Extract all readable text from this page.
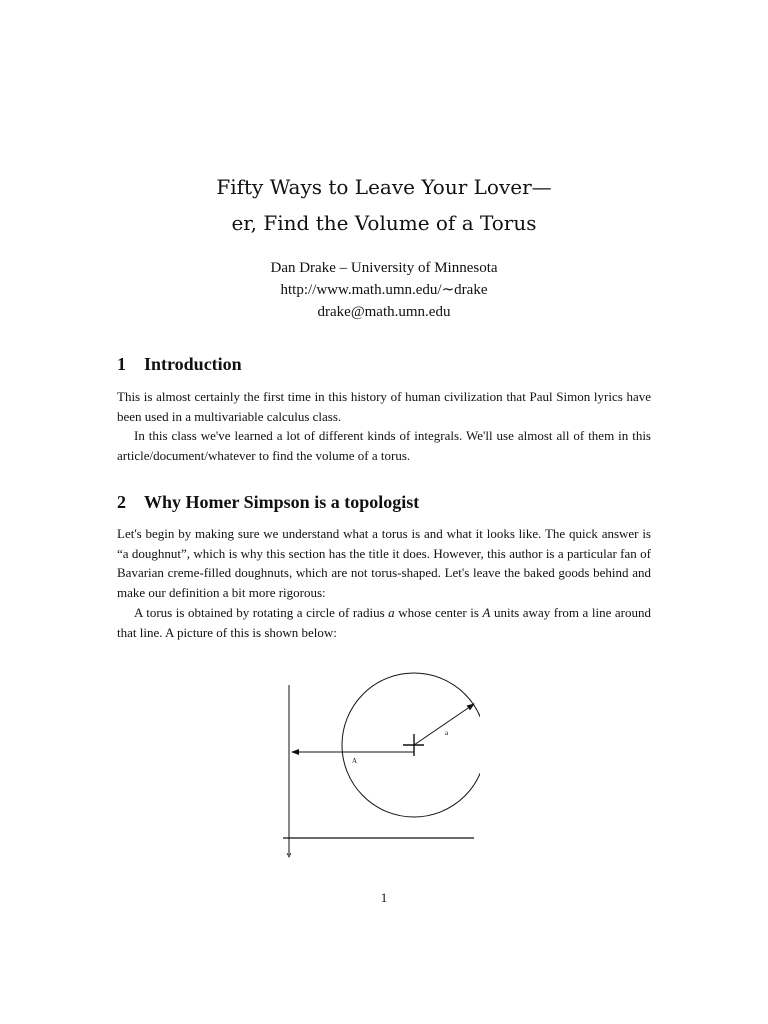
Fifty Ways to Leave Your Lover—
er, Find the Volume of a Torus
Dan Drake – University of Minnesota
http://www.math.umn.edu/∼drake
drake@math.umn.edu
1 Introduction
This is almost certainly the first time in this history of human civilization that Paul Simon lyrics have been used in a multivariable calculus class.
In this class we've learned a lot of different kinds of integrals. We'll use almost all of them in this article/document/whatever to find the volume of a torus.
2 Why Homer Simpson is a topologist
Let's begin by making sure we understand what a torus is and what it looks like. The quick answer is “a doughnut”, which is why this section has the title it does. However, this author is a particular fan of Bavarian creme-filled doughnuts, which are not torus-shaped. Let's leave the baked goods behind and make our definition a bit more rigorous:
A torus is obtained by rotating a circle of radius a whose center is A units away from a line around that line. A picture of this is shown below:
a
A
1
